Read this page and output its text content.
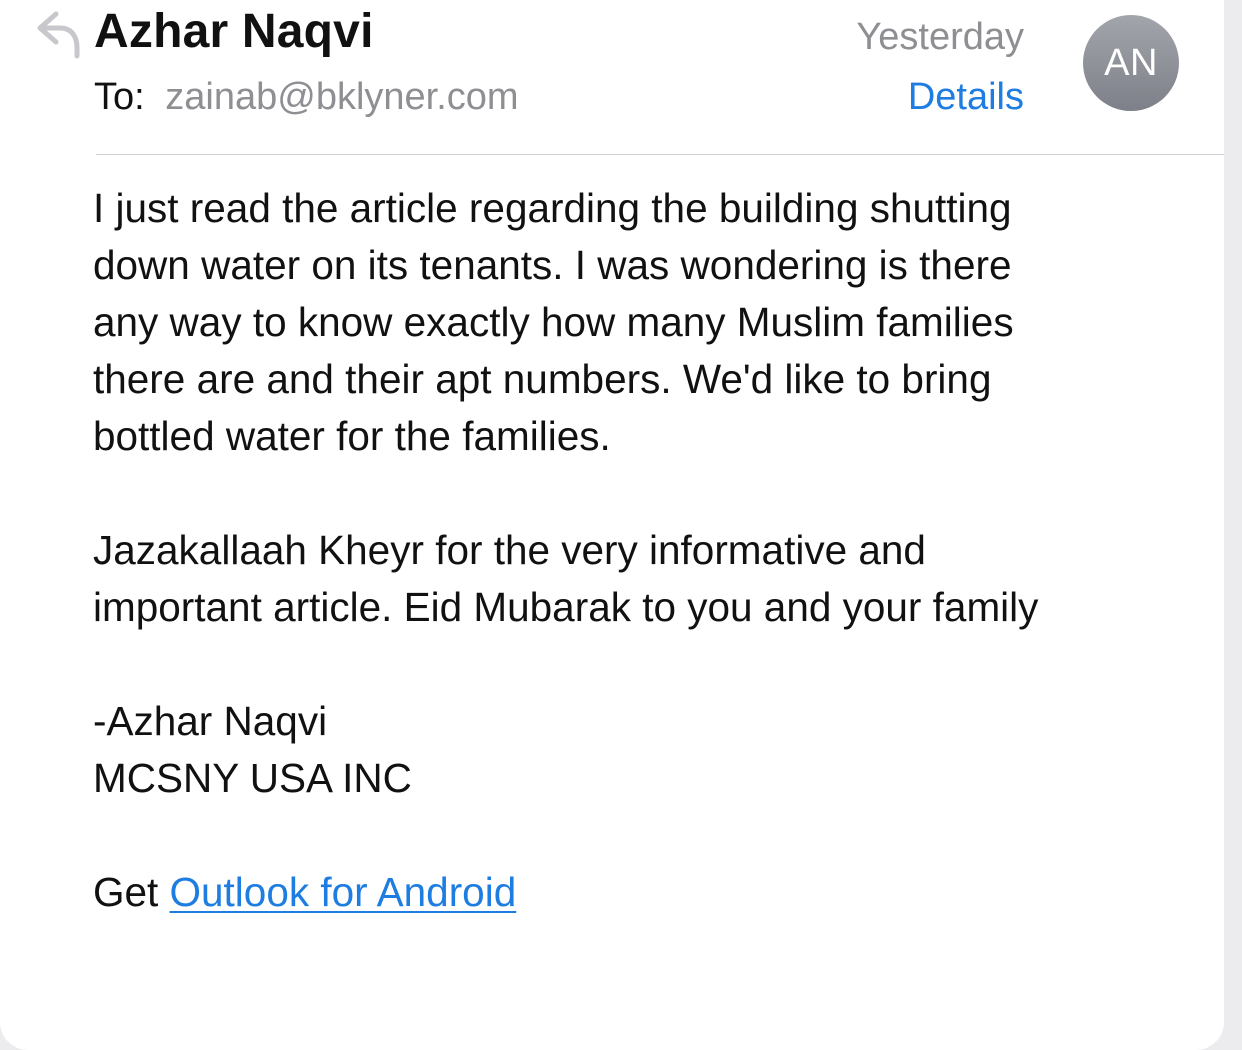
Azhar Naqvi
To: zainab@bklyner.com
Yesterday
Details
AN

I just read the article regarding the building shutting

down water on its tenants. I was wondering is there

any way to know exactly how many Muslim families

there are and their apt numbers. We'd like to bring

bottled water for the families.

Jazakallaah Kheyr for the very informative and

important article. Eid Mubarak to you and your family

-Azhar Naqvi

MCSNY USA INC

Get Outlook for Android
